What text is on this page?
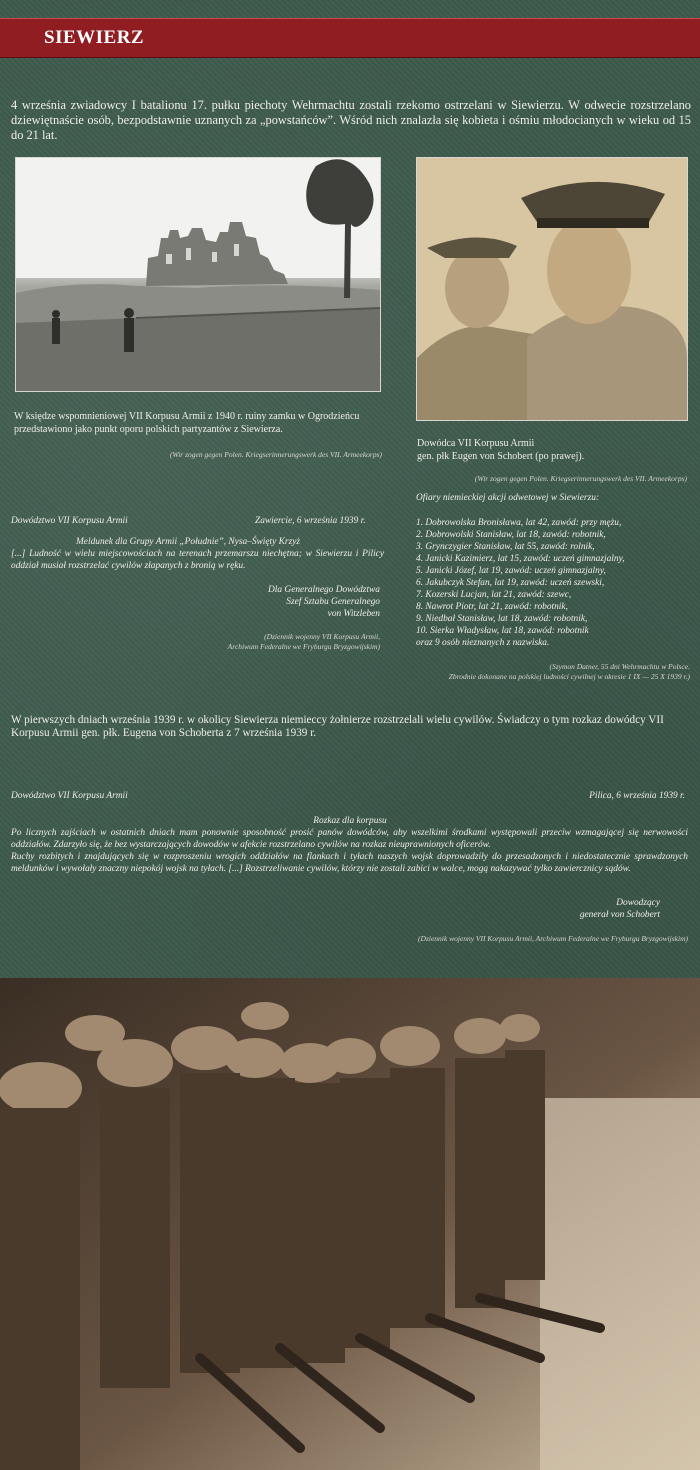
SIEWIERZ
4 września zwiadowcy I batalionu 17. pułku piechoty Wehrmachtu zostali rzekomo ostrzelani w Siewierzu. W odwecie rozstrzelano dziewiętnaście osób, bezpodstawnie uznanych za „powstańców”. Wśród nich znalazła się kobieta i ośmiu młodocianych w wieku od 15 do 21 lat.
W księdze wspomnieniowej VII Korpusu Armii z 1940 r. ruiny zamku w Ogrodzieńcu przedstawiono jako punkt oporu polskich partyzantów z Siewierza.
(Wir zogen gegen Polen. Kriegserinnerungswerk des VII. Armeekorps)
Dowódca VII Korpusu Armii
gen. płk Eugen von Schobert (po prawej).
(Wir zogen gegen Polen. Kriegserinnerungswerk des VII. Armeekorps)
Dowództwo VII Korpusu Armii	Zawiercie, 6 września 1939 r.
Meldunek dla Grupy Armii „Południe”, Nysa–Święty Krzyż
[...] Ludność w wielu miejscowościach na terenach przemarszu niechętna; w Siewierzu i Pilicy oddział musiał rozstrzelać cywilów złapanych z bronią w ręku.
Dla Generalnego Dowództwa
Szef Sztabu Generalnego
von Witzleben
(Dziennik wojenny VII Korpusu Armii,
Archiwum Federalne we Fryburgu Bryzgowijskim)
Ofiary niemieckiej akcji odwetowej w Siewierzu:
1. Dobrowolska Bronisława, lat 42, zawód: przy mężu,
2. Dobrowolski Stanisław, lat 18, zawód: robotnik,
3. Grynczygier Stanisław, lat 55, zawód: rolnik,
4. Janicki Kazimierz, lat 15, zawód: uczeń gimnazjalny,
5. Janicki Józef, lat 19, zawód: uczeń gimnazjalny,
6. Jakubczyk Stefan, lat 19, zawód: uczeń szewski,
7. Kozerski Lucjan, lat 21, zawód: szewc,
8. Nawrot Piotr, lat 21, zawód: robotnik,
9. Niedbał Stanisław, lat 18, zawód: robotnik,
10. Sierka Władysław, lat 18, zawód: robotnik
oraz 9 osób nieznanych z nazwiska.
(Szymon Datner, 55 dni Wehrmachtu w Polsce.
Zbrodnie dokonane na polskiej ludności cywilnej w okresie 1 IX — 25 X 1939 r.)
W pierwszych dniach września 1939 r. w okolicy Siewierza niemieccy żołnierze rozstrzelali wielu cywilów. Świadczy o tym rozkaz dowódcy VII Korpusu Armii gen. płk. Eugena von Schoberta z 7 września 1939 r.
Dowództwo VII Korpusu Armii	Pilica, 6 września 1939 r.
Rozkaz dla korpusu
Po licznych zajściach w ostatnich dniach mam ponownie sposobność prosić panów dowódców, aby wszelkimi środkami występowali przeciw wzmagającej się nerwowości oddziałów. Zdarzyło się, że bez wystarczających dowodów w afekcie rozstrzelano cywilów na rozkaz nieuprawnionych oficerów.
Ruchy rozbitych i znajdujących się w rozproszeniu wrogich oddziałów na flankach i tyłach naszych wojsk doprowadziły do przesadzonych i niedostatecznie sprawdzonych meldunków i wywołały znaczny niepokój wojsk na tyłach. [...] Rozstrzeliwanie cywilów, którzy nie zostali zabici w walce, mogą nakazywać tylko zawiercznicy sądów.
Dowodzący
generał von Schobert
(Dziennik wojenny VII Korpusu Armii, Archiwum Federalne we Fryburgu Bryzgowijskim)
